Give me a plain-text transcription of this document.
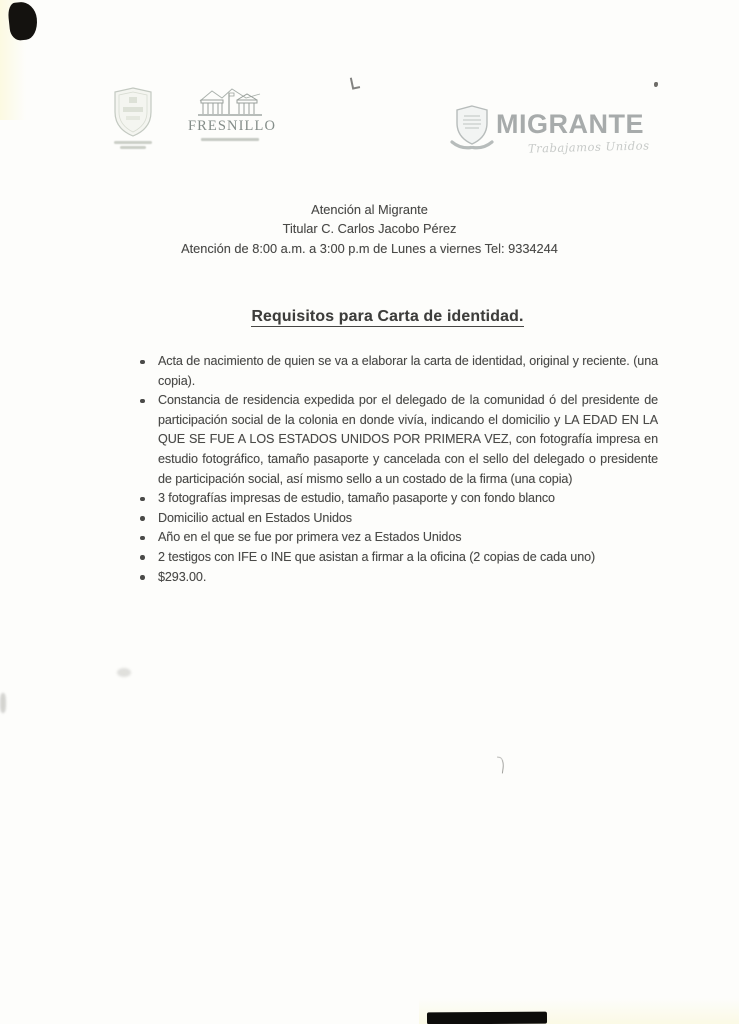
FRESNILLO	MIGRANTE
Trabajamos Unidos
Atención al Migrante
Titular C. Carlos Jacobo Pérez
Atención de 8:00 a.m. a 3:00 p.m de Lunes a viernes Tel: 9334244
Requisitos para Carta de identidad.
Acta de nacimiento de quien se va a elaborar la carta de identidad, original y reciente. (una copia).
Constancia de residencia expedida por el delegado de la comunidad ó del presidente de participación social de la colonia en donde vivía, indicando el domicilio y LA EDAD EN LA QUE SE FUE A LOS ESTADOS UNIDOS POR PRIMERA VEZ, con fotografía impresa en estudio fotográfico, tamaño pasaporte y cancelada con el sello del delegado o presidente de participación social, así mismo sello a un costado de la firma (una copia)
3 fotografías impresas de estudio, tamaño pasaporte y con fondo blanco
Domicilio actual en Estados Unidos
Año en el que se fue por primera vez a Estados Unidos
2 testigos con IFE o INE que asistan a firmar a la oficina (2 copias de cada uno)
$293.00.
